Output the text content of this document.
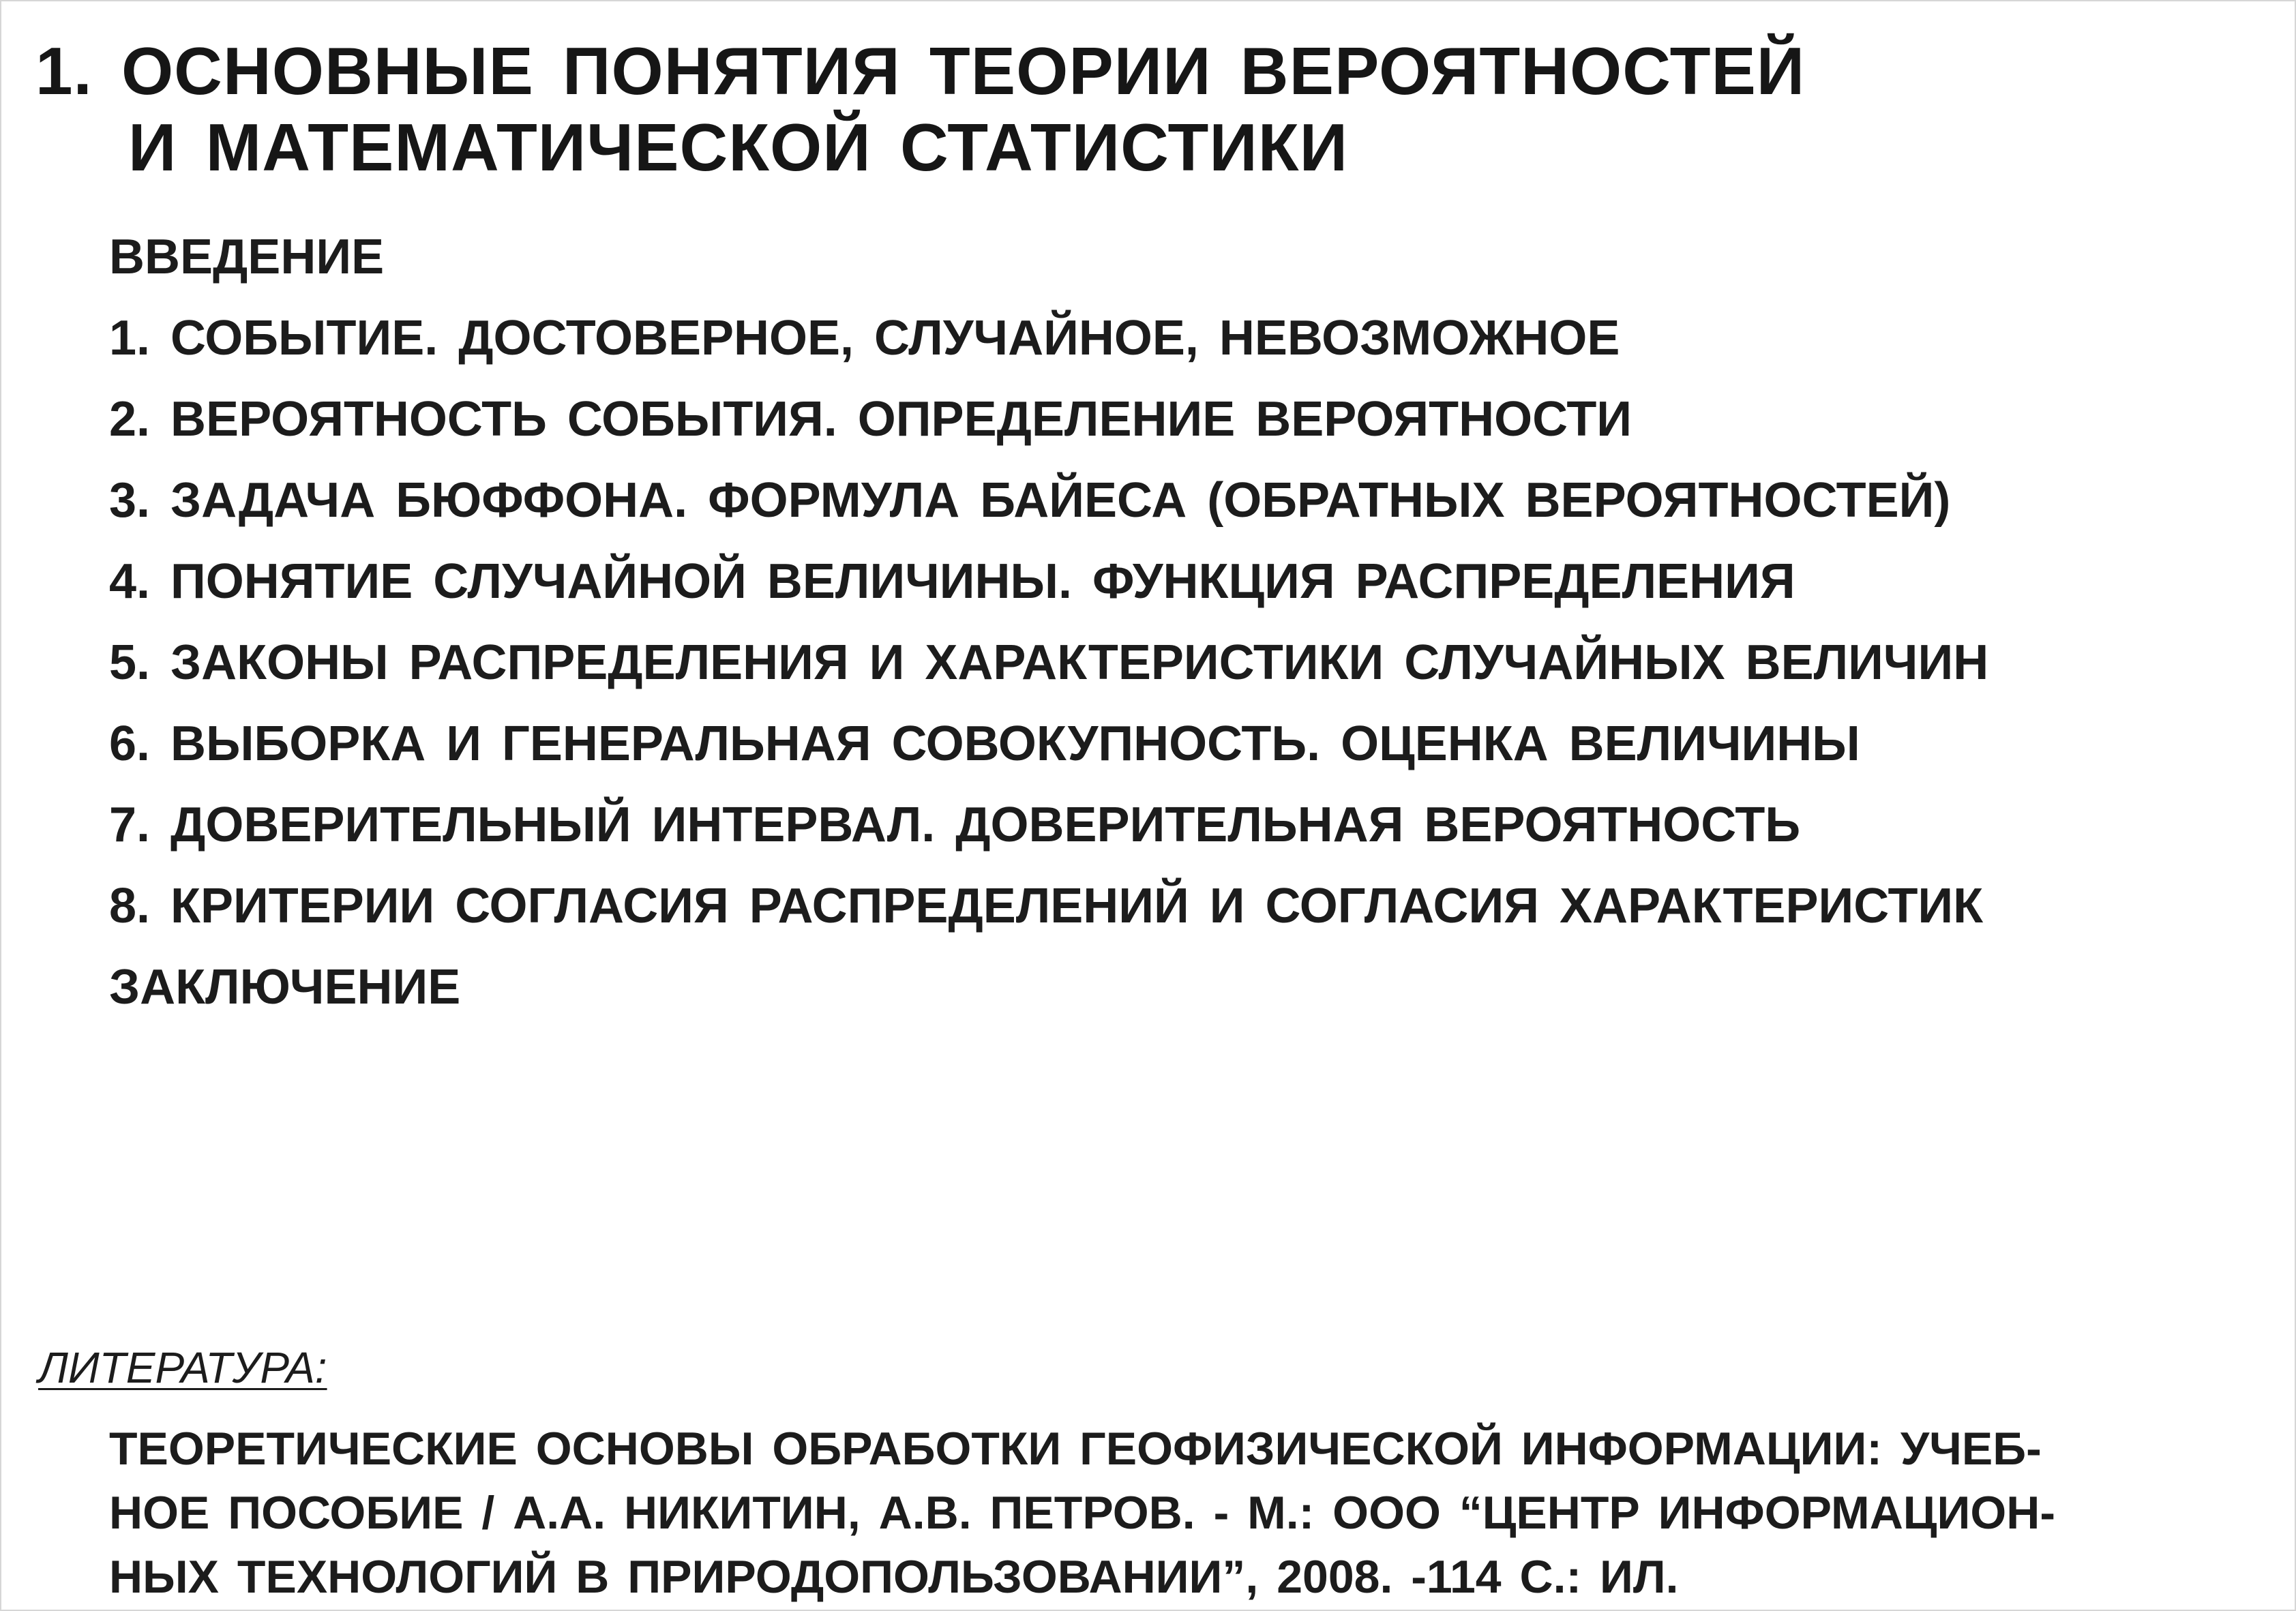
1. ОСНОВНЫЕ ПОНЯТИЯ ТЕОРИИ ВЕРОЯТНОСТЕЙ
И МАТЕМАТИЧЕСКОЙ СТАТИСТИКИ
ВВЕДЕНИЕ
1. СОБЫТИЕ. ДОСТОВЕРНОЕ, СЛУЧАЙНОЕ, НЕВОЗМОЖНОЕ
2. ВЕРОЯТНОСТЬ СОБЫТИЯ. ОПРЕДЕЛЕНИЕ ВЕРОЯТНОСТИ
3. ЗАДАЧА БЮФФОНА. ФОРМУЛА БАЙЕСА (ОБРАТНЫХ ВЕРОЯТНОСТЕЙ)
4. ПОНЯТИЕ СЛУЧАЙНОЙ ВЕЛИЧИНЫ. ФУНКЦИЯ РАСПРЕДЕЛЕНИЯ
5. ЗАКОНЫ РАСПРЕДЕЛЕНИЯ И ХАРАКТЕРИСТИКИ СЛУЧАЙНЫХ ВЕЛИЧИН
6. ВЫБОРКА И ГЕНЕРАЛЬНАЯ СОВОКУПНОСТЬ. ОЦЕНКА ВЕЛИЧИНЫ
7. ДОВЕРИТЕЛЬНЫЙ ИНТЕРВАЛ. ДОВЕРИТЕЛЬНАЯ ВЕРОЯТНОСТЬ
8. КРИТЕРИИ СОГЛАСИЯ РАСПРЕДЕЛЕНИЙ И СОГЛАСИЯ ХАРАКТЕРИСТИК
ЗАКЛЮЧЕНИЕ
ЛИТЕРАТУРА:

ТЕОРЕТИЧЕСКИЕ ОСНОВЫ ОБРАБОТКИ ГЕОФИЗИЧЕСКОЙ ИНФОРМАЦИИ: УЧЕБ-
НОЕ ПОСОБИЕ / А.А. НИКИТИН, А.В. ПЕТРОВ. - М.: ООО “ЦЕНТР ИНФОРМАЦИОН-
НЫХ ТЕХНОЛОГИЙ В ПРИРОДОПОЛЬЗОВАНИИ”, 2008. -114 С.: ИЛ.
